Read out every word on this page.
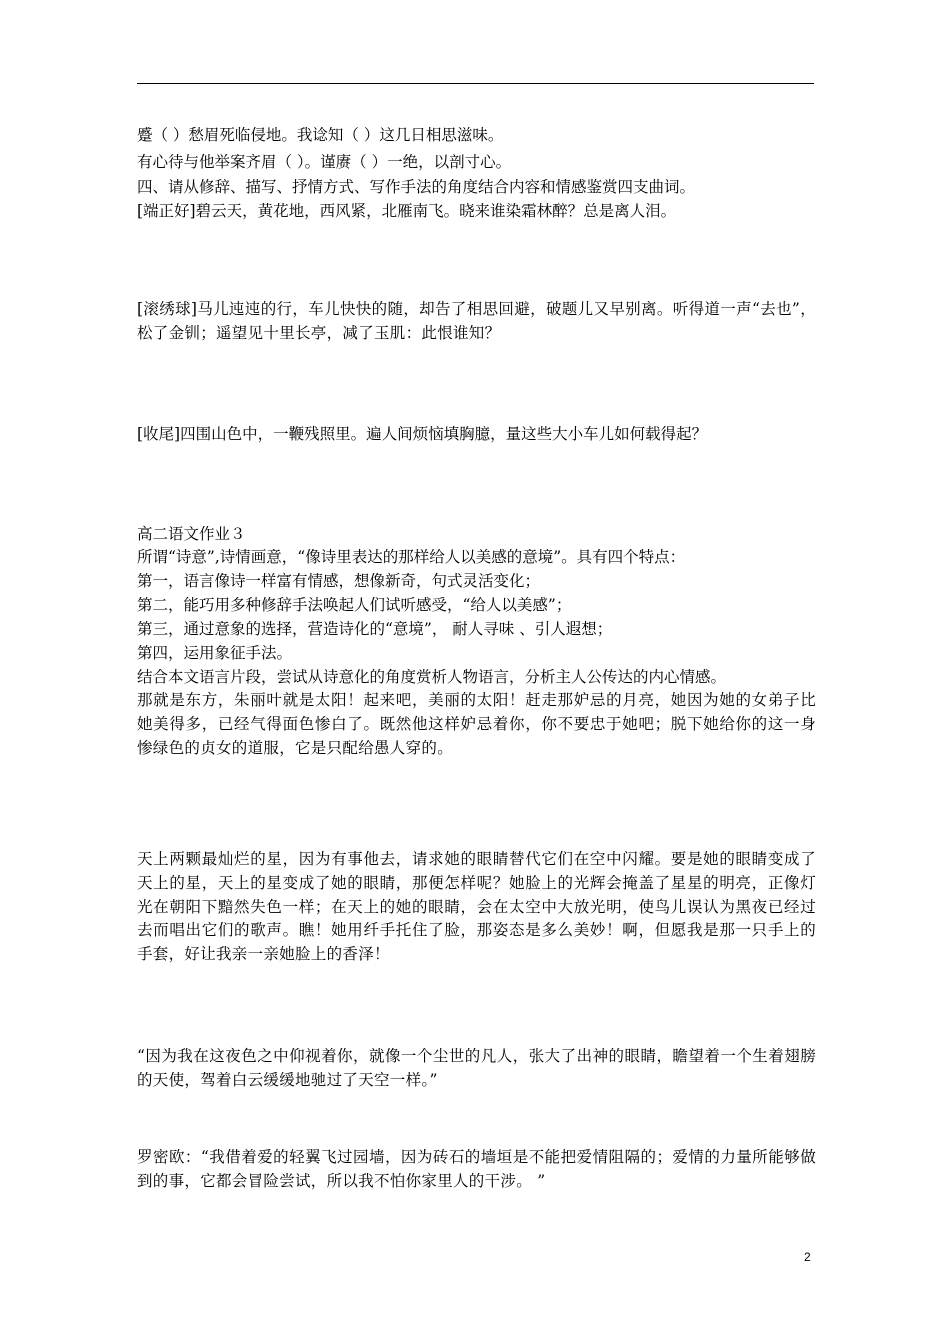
蹙（ ）愁眉死临侵地。我谂知（ ）这几日相思滋味。
有心待与他举案齐眉（ ）。谨赓（ ）一绝，以剖寸心。
四、请从修辞、描写、抒情方式、写作手法的角度结合内容和情感鉴赏四支曲词。
[端正好]碧云天，黄花地，西风紧，北雁南飞。晓来谁染霜林醉？总是离人泪。
[滚绣球]马儿迍迍的行，车儿快快的随，却告了相思回避，破题儿又早别离。听得道一声“去也”，松了金钏；遥望见十里长亭，减了玉肌：此恨谁知？
[收尾]四围山色中，一鞭残照里。遍人间烦恼填胸臆，量这些大小车儿如何载得起？
高二语文作业３
所谓“诗意”,诗情画意，“像诗里表达的那样给人以美感的意境”。具有四个特点：
第一，语言像诗一样富有情感，想像新奇，句式灵活变化；
第二，能巧用多种修辞手法唤起人们试听感受，“给人以美感”；
第三，通过意象的选择，营造诗化的“意境”， 耐人寻味 、引人遐想；
第四，运用象征手法。
结合本文语言片段，尝试从诗意化的角度赏析人物语言，分析主人公传达的内心情感。
那就是东方，朱丽叶就是太阳！起来吧，美丽的太阳！赶走那妒忌的月亮，她因为她的女弟子比她美得多，已经气得面色惨白了。既然他这样妒忌着你，你不要忠于她吧；脱下她给你的这一身惨绿色的贞女的道服，它是只配给愚人穿的。
天上两颗最灿烂的星，因为有事他去，请求她的眼睛替代它们在空中闪耀。要是她的眼睛变成了天上的星，天上的星变成了她的眼睛，那便怎样呢？她脸上的光辉会掩盖了星星的明亮，正像灯光在朝阳下黯然失色一样；在天上的她的眼睛，会在太空中大放光明，使鸟儿误认为黑夜已经过去而唱出它们的歌声。瞧！她用纤手托住了脸，那姿态是多么美妙！啊，但愿我是那一只手上的手套，好让我亲一亲她脸上的香泽！
“因为我在这夜色之中仰视着你，就像一个尘世的凡人，张大了出神的眼睛，瞻望着一个生着翅膀的天使，驾着白云缓缓地驰过了天空一样。”
罗密欧：“我借着爱的轻翼飞过园墙，因为砖石的墙垣是不能把爱情阻隔的；爱情的力量所能够做到的事，它都会冒险尝试，所以我不怕你家里人的干涉。 ”
2
